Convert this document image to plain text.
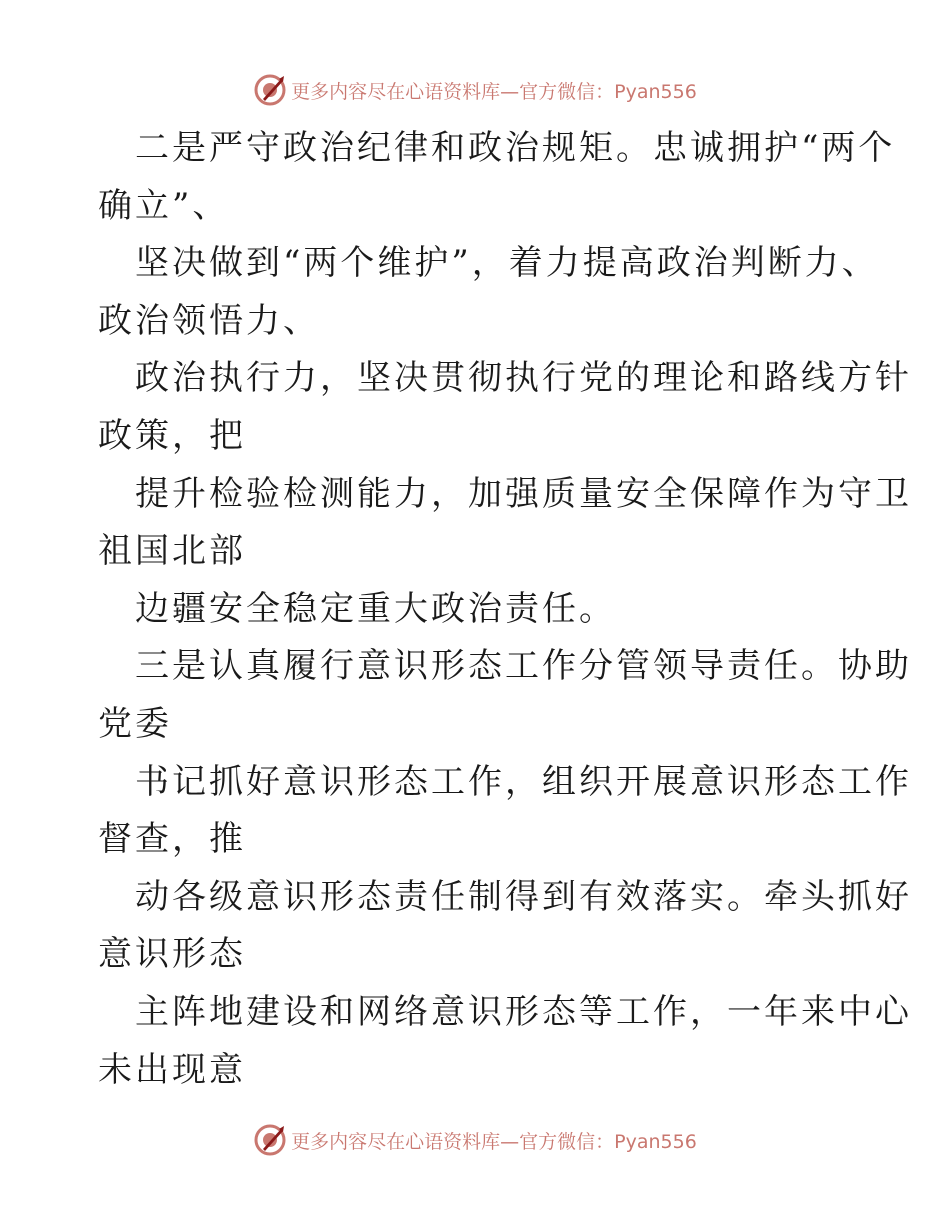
更多内容尽在心语资料库—官方微信：Pyan556
二是严守政治纪律和政治规矩。忠诚拥护“两个
确立”、
坚决做到“两个维护”，着力提高政治判断力、
政治领悟力、
政治执行力，坚决贯彻执行党的理论和路线方针
政策，把
提升检验检测能力，加强质量安全保障作为守卫
祖国北部
边疆安全稳定重大政治责任。
三是认真履行意识形态工作分管领导责任。协助
党委
书记抓好意识形态工作，组织开展意识形态工作
督查，推
动各级意识形态责任制得到有效落实。牵头抓好
意识形态
主阵地建设和网络意识形态等工作，一年来中心
未出现意
更多内容尽在心语资料库—官方微信：Pyan556
